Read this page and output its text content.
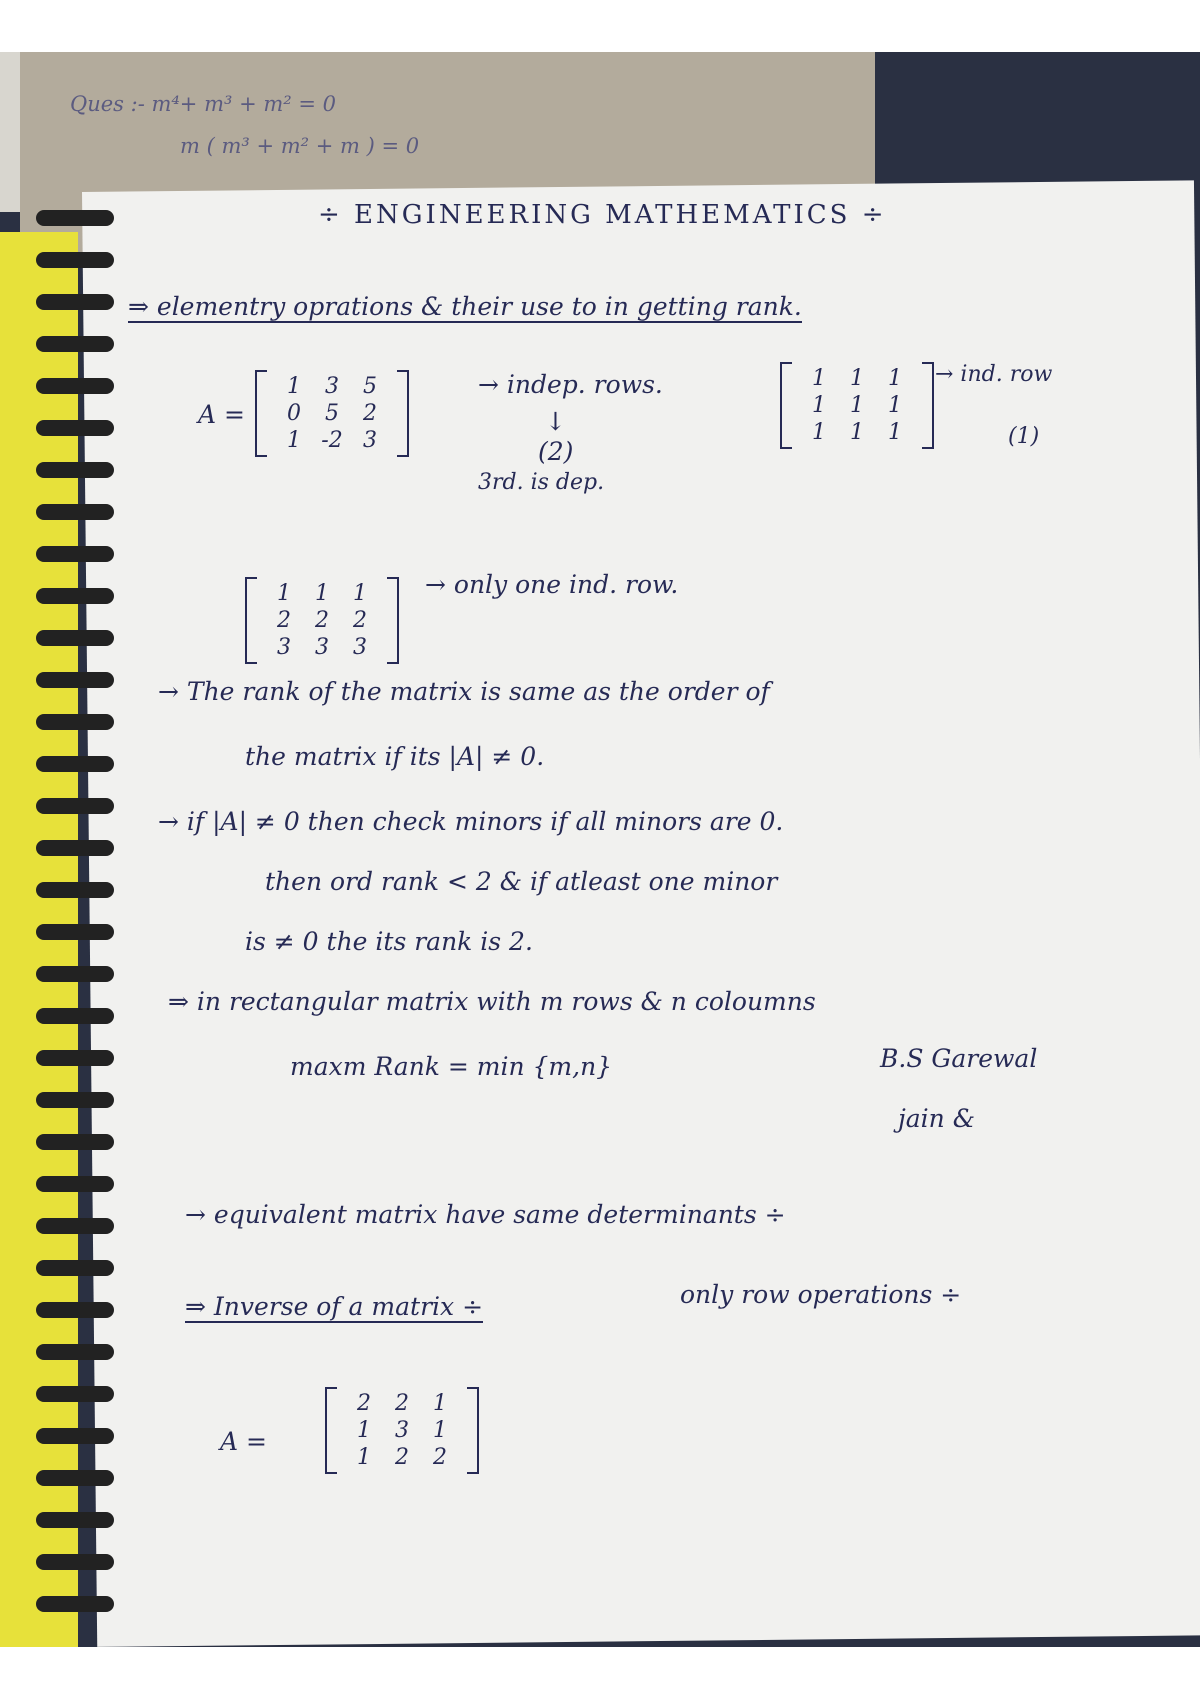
Ques :- m⁴+ m³ + m² = 0
m ( m³ + m² + m ) = 0
÷ ENGINEERING MATHEMATICS ÷
⇒ elementry oprations & their use to in getting rank.
A =
1	3	5
0	5	2
1 -2 3
→ indep. rows.
↓
(2)
3rd. is dep.
1	1	1
1	1	1
1	1	1
→ ind. row
(1)
1	1	1
2	2	2
3	3	3
→ only one ind. row.
→ The rank of the matrix is same as the order of
the matrix if its |A| ≠ 0.
→ if |A| ≠ 0 then check minors if all minors are 0.
then ord rank < 2 & if atleast one minor
is ≠ 0 the its rank is 2.
⇒ in rectangular matrix with m rows & n coloumns
maxm Rank = min {m,n}	B.S Garewal
jain &
→ equivalent matrix have same determinants ÷
⇒ Inverse of a matrix ÷	only row operations ÷
A =
2	2	1
1	3	1
1	2	2
